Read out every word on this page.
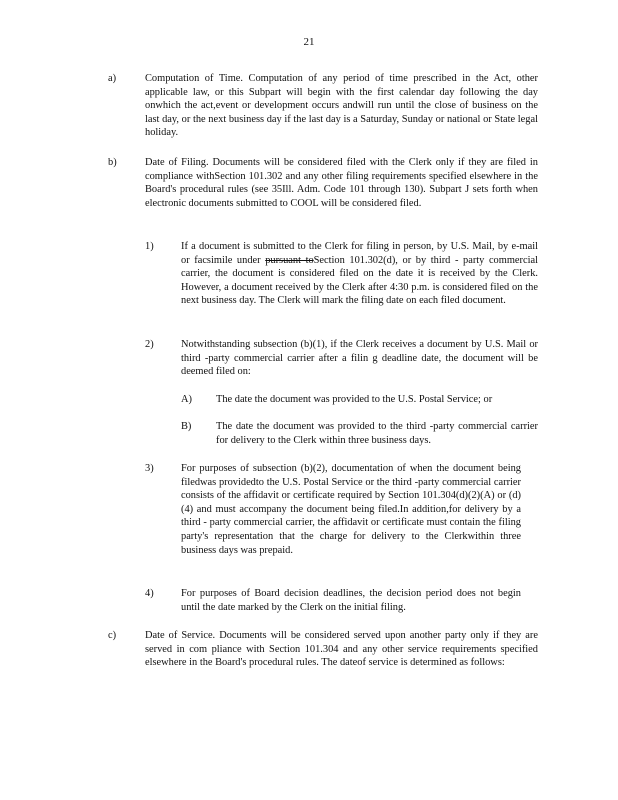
21
a)	Computation of Time. Computation of any period of time prescribed in the Act, other applicable law, or this Subpart will begin with the first calendar day following the day onwhich the act,event or development occurs andwill run until the close of business on the last day, or the next business day if the last day is a Saturday, Sunday or national or State legal holiday.
b)	Date of Filing. Documents will be considered filed with the Clerk only if they are filed in compliance withSection 101.302 and any other filing requirements specified elsewhere in the Board's procedural rules (see 35Ill. Adm. Code 101 through 130). Subpart J sets forth when electronic documents submitted to COOL will be considered filed.
1)	If a document is submitted to the Clerk for filing in person, by U.S. Mail, by e-mail or facsimile under pursuant toSection 101.302(d), or by third - party commercial carrier, the document is considered filed on the date it is received by the Clerk. However, a document received by the Clerk after 4:30 p.m. is considered filed on the next business day. The Clerk will mark the filing date on each filed document.
2)	Notwithstanding subsection (b)(1), if the Clerk receives a document by U.S. Mail or third -party commercial carrier after a filin g deadline date, the document will be deemed filed on:
A) The date the document was provided to the U.S. Postal Service; or
B) The date the document was provided to the third -party commercial carrier for delivery to the Clerk within three business days.
3)	For purposes of subsection (b)(2), documentation of when the document being filedwas providedto the U.S. Postal Service or the third -party commercial carrier consists of the affidavit or certificate required by Section 101.304(d)(2)(A) or (d)(4) and must accompany the document being filed.In addition,for delivery by a third - party commercial carrier, the affidavit or certificate must contain the filing party's representation that the charge for delivery to the Clerkwithin three business days was prepaid.
4)	For purposes of Board decision deadlines, the decision period does not begin until the date marked by the Clerk on the initial filing.
c)	Date of Service. Documents will be considered served upon another party only if they are served in com pliance with Section 101.304 and any other service requirements specified elsewhere in the Board's procedural rules. The dateof service is determined as follows:
